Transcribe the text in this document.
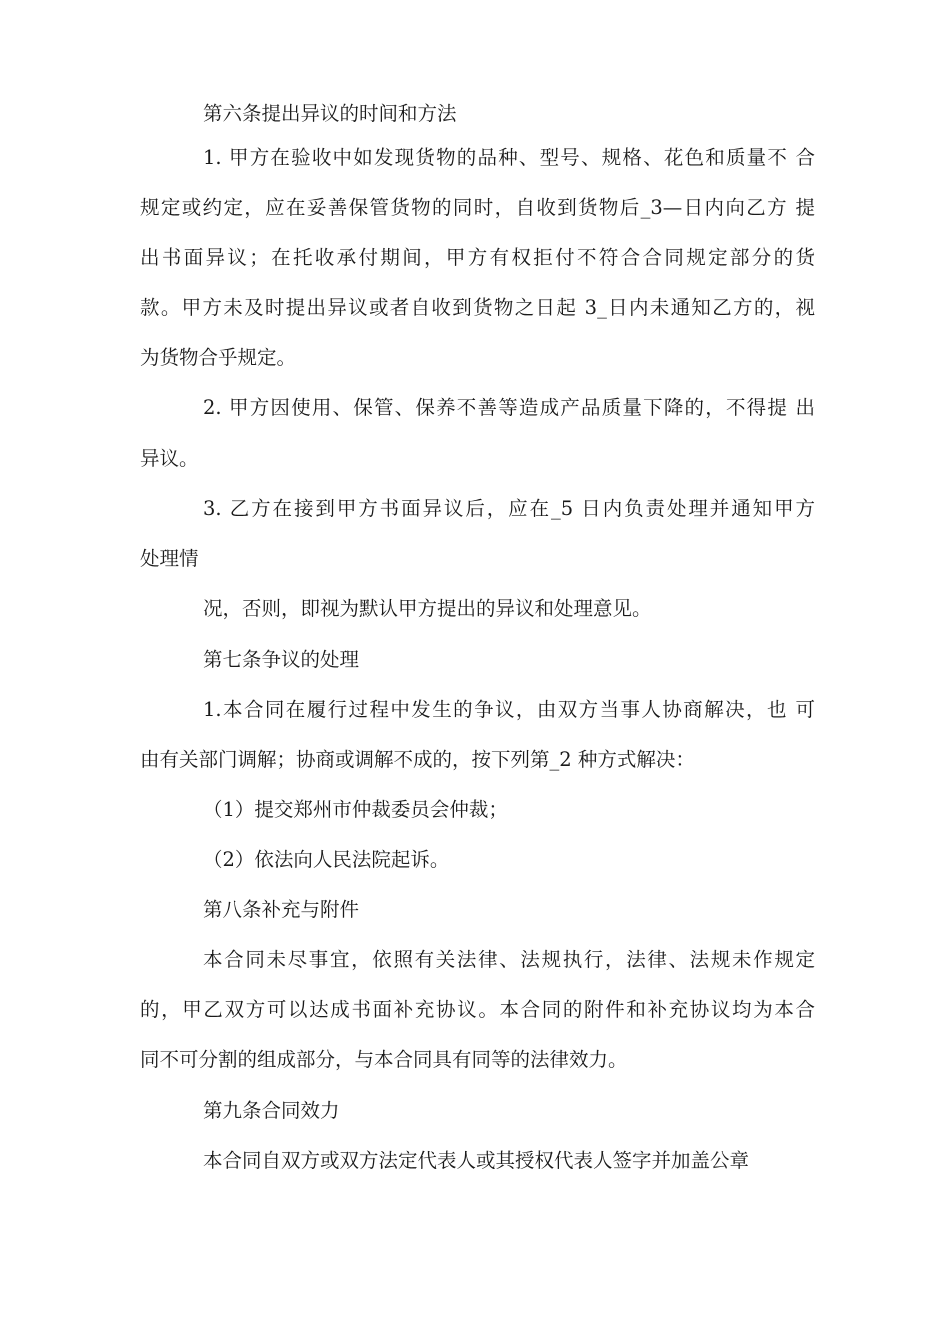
第六条提出异议的时间和方法
1. 甲方在验收中如发现货物的品种、型号、规格、花色和质量不 合
规定或约定，应在妥善保管货物的同时，自收到货物后_3—日内向乙方 提
出书面异议；在托收承付期间，甲方有权拒付不符合合同规定部分的货
款。甲方未及时提出异议或者自收到货物之日起 3_日内未通知乙方的，视
为货物合乎规定。
2. 甲方因使用、保管、保养不善等造成产品质量下降的，不得提 出
异议。
3. 乙方在接到甲方书面异议后，应在_5 日内负责处理并通知甲方
处理情
况，否则，即视为默认甲方提出的异议和处理意见。
第七条争议的处理
1.本合同在履行过程中发生的争议，由双方当事人协商解决，也 可
由有关部门调解；协商或调解不成的，按下列第_2 种方式解决：
（1）提交郑州市仲裁委员会仲裁；
（2）依法向人民法院起诉。
第八条补充与附件
本合同未尽事宜，依照有关法律、法规执行，法律、法规未作规定
的，甲乙双方可以达成书面补充协议。本合同的附件和补充协议均为本合
同不可分割的组成部分，与本合同具有同等的法律效力。
第九条合同效力
本合同自双方或双方法定代表人或其授权代表人签字并加盖公章
